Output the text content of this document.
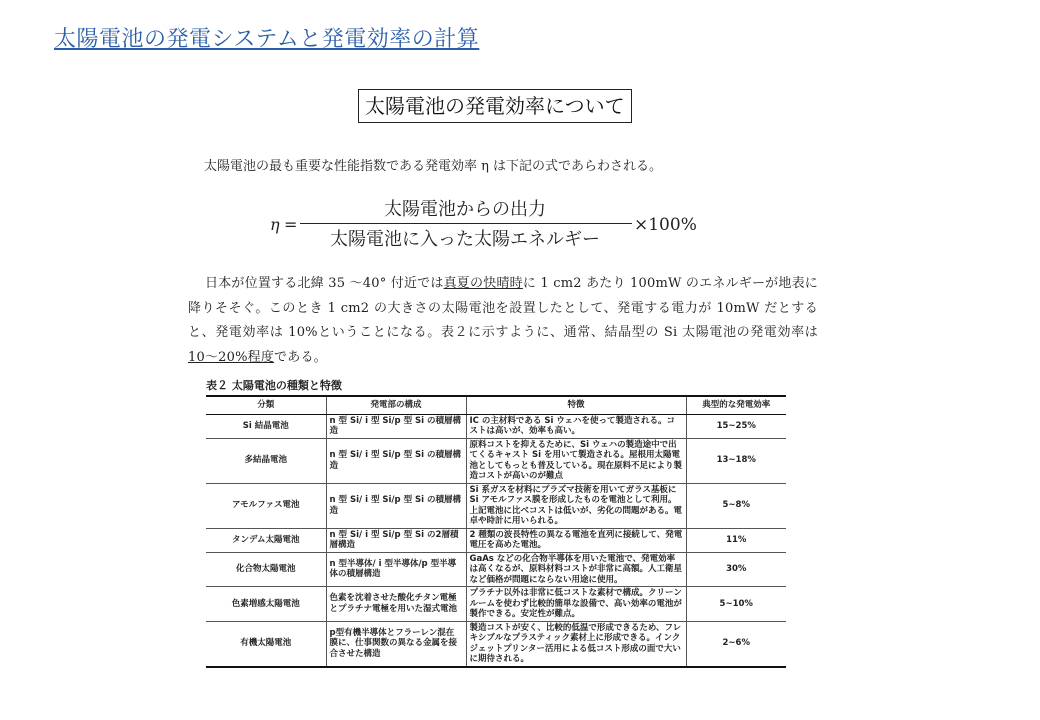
太陽電池の発電システムと発電効率の計算
太陽電池の発電効率について
太陽電池の最も重要な性能指数である発電効率 η は下記の式であらわされる。
η =
太陽電池からの出力
太陽電池に入った太陽エネルギー
×100%
日本が位置する北緯 35 〜40° 付近では真夏の快晴時に 1 cm2 あたり 100mW のエネルギーが地表に降りそそぐ。このとき 1 cm2 の大きさの太陽電池を設置したとして、発電する電力が 10mW だとすると、発電効率は 10%ということになる。表２に示すように、通常、結晶型の Si 太陽電池の発電効率は 10〜20%程度である。
表２ 太陽電池の種類と特徴
分類	発電部の構成	特徴	典型的な発電効率
Si 結晶電池	n 型 Si/ i 型 Si/p 型 Si の積層構造	IC の主材料である Si ウェハを使って製造される。コストは高いが、効率も高い。	15~25%
多結晶電池	n 型 Si/ i 型 Si/p 型 Si の積層構造	原料コストを抑えるために、Si ウェハの製造途中で出てくるキャスト Si を用いて製造される。屋根用太陽電池としてもっとも普及している。現在原料不足により製造コストが高いのが難点	13~18%
アモルファス電池	n 型 Si/ i 型 Si/p 型 Si の積層構造	Si 系ガスを材料にプラズマ技術を用いてガラス基板に Si アモルファス膜を形成したものを電池として利用。上記電池に比べコストは低いが、劣化の問題がある。電卓や時計に用いられる。	5~8%
タンデム太陽電池	n 型 Si/ i 型 Si/p 型 Si の2層積層構造	2 種類の波長特性の異なる電池を直列に接続して、発電電圧を高めた電池。	11%
化合物太陽電池	n 型半導体/ i 型半導体/p 型半導体の積層構造	GaAs などの化合物半導体を用いた電池で、発電効率は高くなるが、原料材料コストが非常に高額。人工衛星など価格が問題にならない用途に使用。	30%
色素増感太陽電池	色素を沈着させた酸化チタン電極とプラチナ電極を用いた湿式電池	プラチナ以外は非常に低コストな素材で構成。クリーンルームを使わず比較的簡単な設備で、高い効率の電池が製作できる。安定性が難点。	5~10%
有機太陽電池	p型有機半導体とフラーレン混在膜に、仕事関数の異なる金属を接合させた構造	製造コストが安く、比較的低温で形成できるため、フレキシブルなプラスティック素材上に形成できる。インクジェットプリンター活用による低コスト形成の面で大いに期待される。	2~6%
